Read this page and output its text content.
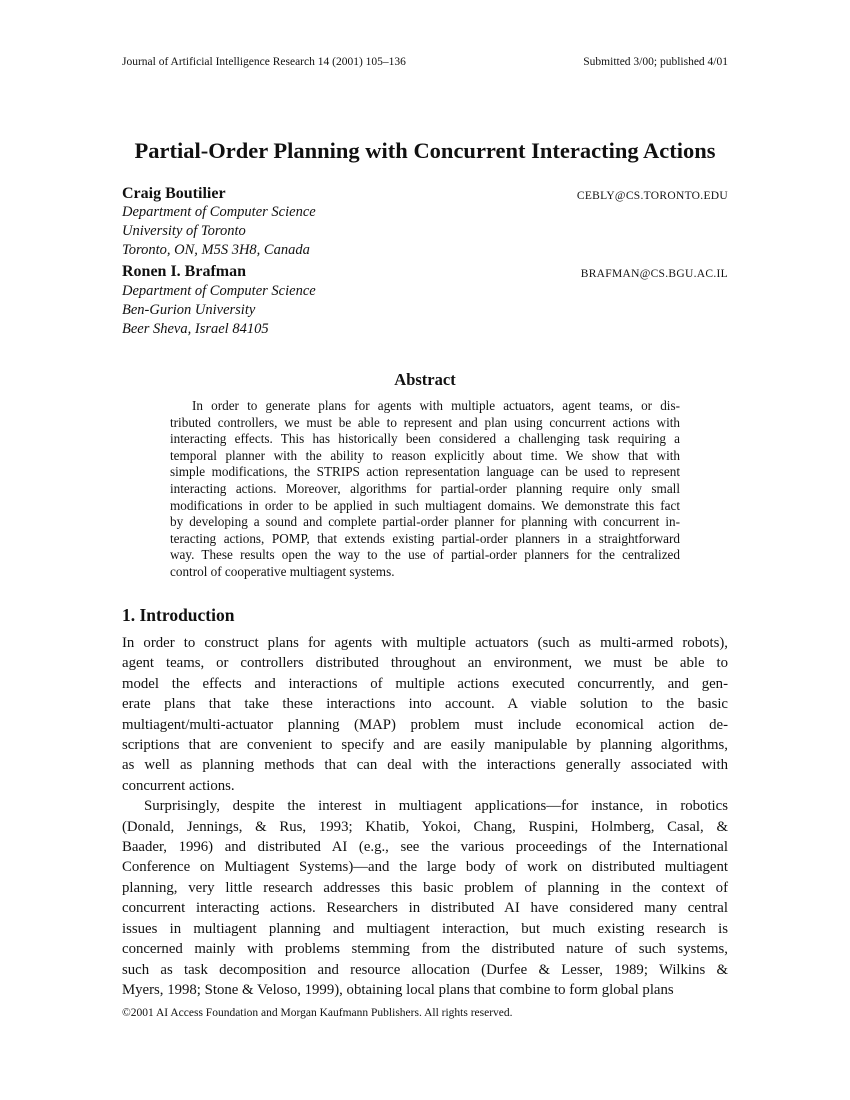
Journal of Artificial Intelligence Research 14 (2001) 105–136	Submitted 3/00; published 4/01
Partial-Order Planning with Concurrent Interacting Actions
Craig Boutilier	CEBLY@CS.TORONTO.EDU
Department of Computer Science
University of Toronto
Toronto, ON, M5S 3H8, Canada
Ronen I. Brafman	BRAFMAN@CS.BGU.AC.IL
Department of Computer Science
Ben-Gurion University
Beer Sheva, Israel 84105
Abstract
In order to generate plans for agents with multiple actuators, agent teams, or dis-
tributed controllers, we must be able to represent and plan using concurrent actions with
interacting effects. This has historically been considered a challenging task requiring a
temporal planner with the ability to reason explicitly about time. We show that with
simple modifications, the STRIPS action representation language can be used to represent
interacting actions. Moreover, algorithms for partial-order planning require only small
modifications in order to be applied in such multiagent domains. We demonstrate this fact
by developing a sound and complete partial-order planner for planning with concurrent in-
teracting actions, POMP, that extends existing partial-order planners in a straightforward
way. These results open the way to the use of partial-order planners for the centralized
control of cooperative multiagent systems.
1. Introduction
In order to construct plans for agents with multiple actuators (such as multi-armed robots),
agent teams, or controllers distributed throughout an environment, we must be able to
model the effects and interactions of multiple actions executed concurrently, and gen-
erate plans that take these interactions into account. A viable solution to the basic
multiagent/multi-actuator planning (MAP) problem must include economical action de-
scriptions that are convenient to specify and are easily manipulable by planning algorithms,
as well as planning methods that can deal with the interactions generally associated with
concurrent actions.
Surprisingly, despite the interest in multiagent applications—for instance, in robotics
(Donald, Jennings, & Rus, 1993; Khatib, Yokoi, Chang, Ruspini, Holmberg, Casal, &
Baader, 1996) and distributed AI (e.g., see the various proceedings of the International
Conference on Multiagent Systems)—and the large body of work on distributed multiagent
planning, very little research addresses this basic problem of planning in the context of
concurrent interacting actions. Researchers in distributed AI have considered many central
issues in multiagent planning and multiagent interaction, but much existing research is
concerned mainly with problems stemming from the distributed nature of such systems,
such as task decomposition and resource allocation (Durfee & Lesser, 1989; Wilkins &
Myers, 1998; Stone & Veloso, 1999), obtaining local plans that combine to form global plans
©2001 AI Access Foundation and Morgan Kaufmann Publishers. All rights reserved.
